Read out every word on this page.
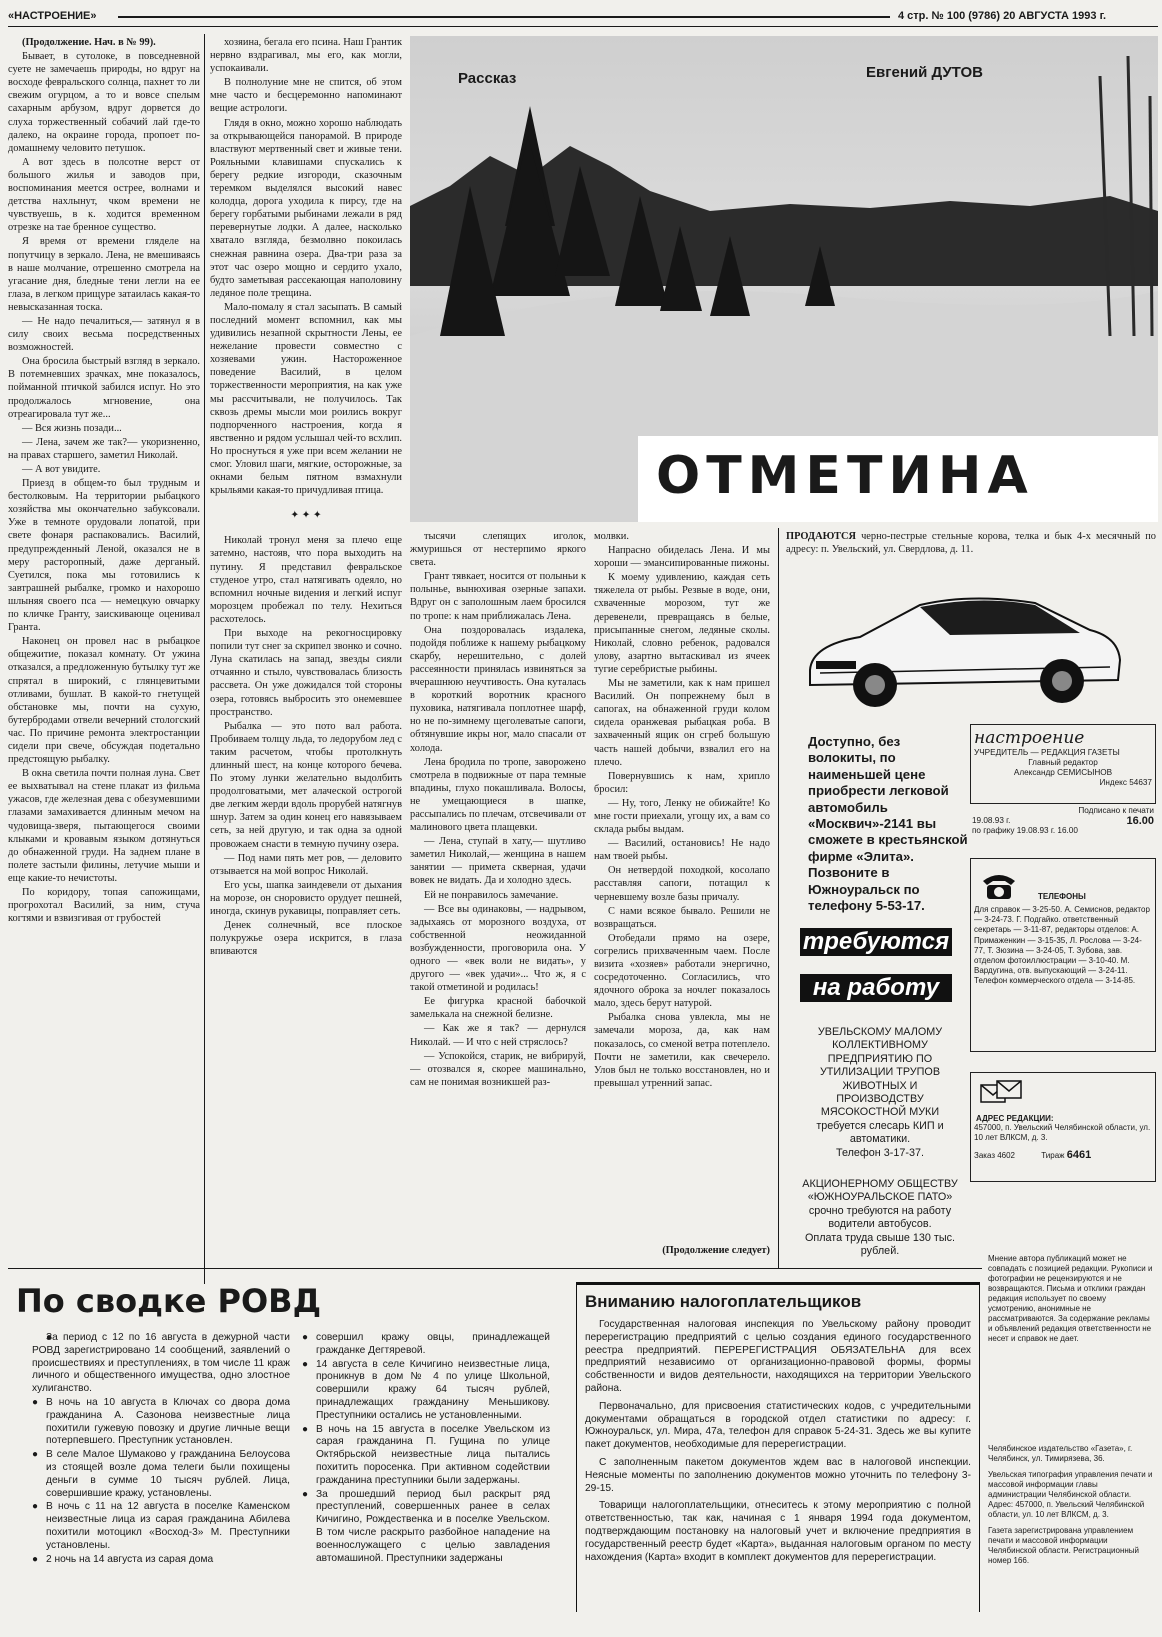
«НАСТРОЕНИЕ»	4 стр. № 100 (9786) 20 АВГУСТА 1993 г.

(Продолжение. Нач. в № 99).

Бывает, в сутолоке, в повседневной суете не замечаешь природы, но вдруг на восходе февральского солнца, пахнет то ли свежим огурцом, а то и вовсе спелым сахарным арбузом, вдруг дорвется до слуха торжественный собачий лай где-то далеко, на окраине города, пропоет по-домашнему человито петушок.

А вот здесь в полсотне верст от большого жилья и заводов при, воспоминания меется острее, волнами и детства нахлынут, чком времени не чувствуешь, в к. ходится временном отрезке на тае бренное существо.

Я время от времени гляделе на попутчицу в зеркало. Лена, не вмешиваясь в наше молчание, отрешенно смотрела на угасание дня, бледные тени легли на ее глаза, в легком прищуре затаилась какая-то невысказанная тоска.

— Не надо печалиться,— затянул я в силу своих весьма посредственных возможностей.

Она бросила быстрый взгляд в зеркало. В потемневших зрачках, мне показалось, пойманной птичкой забился испуг. Но это продолжалось мгновение, она отреагировала тут же...

— Вся жизнь позади...

— Лена, зачем же так?— укоризненно, на правах старшего, заметил Николай.

— А вот увидите.

Приезд в общем-то был трудным и бестолковым. На территории рыбацкого хозяйства мы окончательно забуксовали. Уже в темноте орудовали лопатой, при свете фонаря распаковались. Василий, предупрежденный Леной, оказался не в меру расторопный, даже дерганый. Суетился, пока мы готовились к завтрашней рыбалке, громко и нахорошо шлыняя своего пса — немецкую овчарку по кличке Гранту, заискивающе оценивал Гранта.

Наконец он провел нас в рыбацкое общежитие, показал комнату. От ужина отказался, а предложенную бутылку тут же спрятал в широкий, с глянцевитыми отливами, бушлат. В какой-то гнетущей обстановке мы, почти на сухую, бутербродами отвели вечерний стологский час. По причине ремонта электростанции сидели при свече, обсуждая подетально предстоящую рыбалку.

В окна светила почти полная луна. Свет ее выхватывал на стене плакат из фильма ужасов, где железная дева с обезумевшими глазами замахивается длинным мечом на чудовища-зверя, пытающегося своими клыками и кровавым языком дотянуться до обнаженной груди. На заднем плане в полете застыли филины, летучие мыши и еще какие-то нечистоты.

По коридору, топая сапожищами, прогрохотал Василий, за ним, стуча когтями и взвизгивая от грубостей

хозяина, бегала его псина. Наш Грантик нервно вздрагивал, мы его, как могли, успокаивали.

В полнолуние мне не спится, об этом мне часто и бесцеремонно напоминают вещие астрологи.

Глядя в окно, можно хорошо наблюдать за открывающейся панорамой. В природе властвуют мертвенный свет и живые тени. Рояльными клавишами спускались к берегу редкие изгороди, сказочным теремком выделялся высокий навес колодца, дорога уходила к пирсу, где на берегу горбатыми рыбинами лежали в ряд перевернутые лодки. А далее, насколько хватало взгляда, безмолвно покоилась снежная равнина озера. Два-три раза за этот час озеро мощно и сердито ухало, будто заметывая рассекающая наполовину ледяное поле трещина.

Мало-помалу я стал засыпать. В самый последний момент вспомнил, как мы удивились незапной скрытности Лены, ее нежелание провести совместно с хозяевами ужин. Настороженное поведение Василий, в целом торжественности мероприятия, на как уже мы рассчитывали, не получилось. Так сквозь дремы мысли мои роились вокруг подпорченного настроения, когда я явственно и рядом услышал чей-то всхлип. Но проснуться я уже при всем желании не смог. Уловил шаги, мягкие, осторожные, за окнами белым пятном взмахнули крыльями какая-то причудливая птица.

✦ ✦ ✦

Николай тронул меня за плечо еще затемно, настояв, что пора выходить на путину. Я представил февральское студеное утро, стал натягивать одеяло, но вспомнил ночные видения и легкий испуг морозцем пробежал по телу. Нехиться расхотелось.

При выходе на рекогносцировку попили тут снег за скрипел звонко и сочно. Луна скатилась на запад, звезды сияли отчаянно и стыло, чувствовалась близость рассвета. Он уже дожидался той стороны озера, готовясь выбросить это онемевшее пространство.

Рыбалка — это пото вал работа. Пробиваем толщу льда, то ледорубом лед с таким расчетом, чтобы протолкнуть длинный шест, на конце которого бечева. По этому лунки желательно выдолбить продолговатыми, мет алаческой острогой две легким жерди вдоль прорубей натягнув шнур. Затем за один конец его навязываем сеть, за ней другую, и так одна за одной провожаем снасти в темную пучину озера.

— Под нами пять мет ров, — деловито отзывается на мой вопрос Николай.

Его усы, шапка заиндевели от дыхания на морозе, он сноровисто орудует пешней, иногда, скинув рукавицы, поправляет сеть.

Денек солнечный, все плоское полукружье озера искрится, в глаза впиваются

Рассказ	Евгений ДУТОВ
ОТМЕТИНА

тысячи слепящих иголок, жмуришься от нестерпимо яркого света.

Грант тявкает, носится от полыньи к полынье, вынюхивая озерные запахи. Вдруг он с заполошным лаем бросился по тропе: к нам приближалась Лена.

Она поздоровалась издалека, подойдя поближе к нашему рыбацкому скарбу, нерешительно, с долей рассеянности принялась извиняться за вчерашнюю неучтивость. Она куталась в короткий воротник красного пуховика, натягивала поплотнее шарф, но не по-зимнему щеголеватые сапоги, обтянувшие икры ног, мало спасали от холода.

Лена бродила по тропе, заворожено смотрела в подвижные от пара темные впадины, глухо покашливала. Волосы, не умещающиеся в шапке, рассыпались по плечам, отсвечивали от малинового цвета плащевки.

— Лена, ступай в хату,— шутливо заметил Николай,— женщина в нашем занятии — примета скверная, удачи вовек не видать. Да и холодно здесь.

Ей не понравилось замечание.

— Все вы одинаковы, — надрывом, задыхаясь от морозного воздуха, от собственной неожиданной возбужденности, проговорила она. У одного — «век воли не видать», у другого — «век удачи»... Что ж, я с такой отметиной и родилась!

Ее фигурка красной бабочкой замелькала на снежной белизне.

— Как же я так? — дернулся Николай. — И что с ней стряслось?

— Успокойся, старик, не вибрируй, — отозвался я, скорее машинально, сам не понимая возникшей раз-

молвки.

Напрасно обиделась Лена. И мы хороши — эмансипированные пижоны.

К моему удивлению, каждая сеть тяжелела от рыбы. Резвые в воде, они, схваченные морозом, тут же деревенели, превращаясь в белые, присыпанные снегом, ледяные сколы. Николай, словно ребенок, радовался улову, азартно вытаскивал из ячеек тугие серебристые рыбины.

Мы не заметили, как к нам пришел Василий. Он попрежнему был в сапогах, на обнаженной груди колом сидела оранжевая рыбацкая роба. В захваченный ящик он сгреб большую часть нашей добычи, взвалил его на плечо.

Повернувшись к нам, хрипло бросил:

— Ну, того, Ленку не обижайте! Ко мне гости приехали, угощу их, а вам со склада рыбы выдам.

— Василий, остановись! Не надо нам твоей рыбы.

Он нетвердой походкой, косолапо расставляя сапоги, потащил к черневшему возле базы причалу.

С нами всякое бывало. Решили не возвращаться.

Отобедали прямо на озере, согрелись прихваченным чаем. После визита «хозяев» работали энергично, сосредоточенно. Согласились, что ядочного оброка за ночлег показалось мало, здесь берут натурой.

Рыбалка снова увлекла, мы не замечали мороза, да, как нам показалось, со сменой ветра потеплело. Почти не заметили, как свечерело. Улов был не только восстановлен, но и превышал утренний запас.

(Продолжение следует)
ПРОДАЮТСЯ черно-пестрые стельные корова, телка и бык 4-х месячный по адресу: п. Увельский, ул. Свердлова, д. 11.
Доступно, без волокиты, по наименьшей цене приобрести легковой автомобиль «Москвич»-2141 вы сможете в крестьянской фирме «Элита». Позвоните в Южноуральск по телефону 5-53-17.
требуются
на работу
УВЕЛЬСКОМУ МАЛОМУ КОЛЛЕКТИВНОМУ ПРЕДПРИЯТИЮ ПО УТИЛИЗАЦИИ ТРУПОВ ЖИВОТНЫХ И ПРОИЗВОДСТВУ МЯСОКОСТНОЙ МУКИ требуется слесарь КИП и автоматики.
Телефон 3-17-37.
АКЦИОНЕРНОМУ ОБЩЕСТВУ «ЮЖНОУРАЛЬСКОЕ ПАТО» срочно требуются на работу водители автобусов.
Оплата труда свыше 130 тыс. рублей.
настроение
УЧРЕДИТЕЛЬ — РЕДАКЦИЯ ГАЗЕТЫ
Главный редактор
Александр СЕМИСЫНОВ
Индекс 54637
Подписано к печати
19.08.93 г.	16.00
по графику 19.08.93 г. 16.00
ТЕЛЕФОНЫ
Для справок — 3-25-50. А. Семиснов, редактор — 3-24-73. Г. Подгайко. ответственный секретарь — 3-11-87, редакторы отделов: А. Примаженкин — 3-15-35, Л. Рослова — 3-24-77, Т. Зюзина — 3-24-05, Т. Зубова, зав. отделом фотоиллюстрации — 3-10-40. М. Вардугина, отв. выпускающий — 3-24-11. Телефон коммерческого отдела — 3-14-85.
АДРЕС РЕДАКЦИИ:
457000, п. Увельский Челябинской области, ул. 10 лет ВЛКСМ, д. 3.
Заказ 4602	Тираж 6461
Мнение автора публикаций может не совпадать с позицией редакции. Рукописи и фотографии не рецензируются и не возвращаются. Письма и отклики граждан редакция использует по своему усмотрению, анонимные не рассматриваются. За содержание рекламы и объявлений редакция ответственности не несет и справок не дает.
Челябинское издательство «Газета», г. Челябинск, ул. Тимирязева, 36.
Увельская типография управления печати и массовой информации главы администрации Челябинской области. Адрес: 457000, п. Увельский Челябинской области, ул. 10 лет ВЛКСМ, д. 3.
Газета зарегистрирована управлением печати и массовой информации Челябинской области. Регистрационный номер 166.
По сводке РОВД

● За период с 12 по 16 августа в дежурной части РОВД зарегистрировано 14 сообщений, заявлений о происшествиях и преступлениях, в том числе 11 краж личного и общественного имущества, одно злостное хулиганство.

● В ночь на 10 августа в Ключах со двора дома гражданина А. Сазонова неизвестные лица похитили гужевую повозку и другие личные вещи потерпевшего. Преступник установлен.

● В селе Малое Шумаково у гражданина Белоусова из стоящей возле дома телеги были похищены деньги в сумме 10 тысяч рублей. Лица, совершившие кражу, установлены.

● В ночь с 11 на 12 августа в поселке Каменском неизвестные лица из сарая гражданина Абилева похитили мотоцикл «Восход-3» М. Преступники установлены.

● 2 ночь на 14 августа из сарая дома

● совершил кражу овцы, принадлежащей гражданке Дегтяревой.

● 14 августа в селе Кичигино неизвестные лица, проникнув в дом № 4 по улице Школьной, совершили кражу 64 тысяч рублей, принадлежащих гражданину Меньшикову. Преступники остались не установленными.

● В ночь на 15 августа в поселке Увельском из сарая гражданина П. Гущина по улице Октябрьской неизвестные лица пытались похитить поросенка. При активном содействии гражданина преступники были задержаны.

● За прошедший период был раскрыт ряд преступлений, совершенных ранее в селах Кичигино, Рождественка и в поселке Увельском. В том числе раскрыто разбойное нападение на военнослужащего с целью завладения автомашиной. Преступники задержаны

Вниманию налогоплательщиков

Государственная налоговая инспекция по Увельскому району проводит перерегистрацию предприятий с целью создания единого государственного реестра предприятий. ПЕРЕРЕГИСТРАЦИЯ ОБЯЗАТЕЛЬНА для всех предприятий независимо от организационно-правовой формы, формы собственности и видов деятельности, находящихся на территории Увельского района.

Первоначально, для присвоения статистических кодов, с учредительными документами обращаться в городской отдел статистики по адресу: г. Южноуральск, ул. Мира, 47а, телефон для справок 5-24-31. Здесь же вы купите пакет документов, необходимые для перерегистрации.

С заполненным пакетом документов ждем вас в налоговой инспекции. Неясные моменты по заполнению документов можно уточнить по телефону 3-29-15.

Товарищи налогоплательщики, отнеситесь к этому мероприятию с полной ответственностью, так как, начиная с 1 января 1994 года документом, подтверждающим постановку на налоговый учет и включение предприятия в государственный реестр будет «Карта», выданная налоговым органом по месту нахождения (Карта» входит в комплект документов для перерегистрации.
